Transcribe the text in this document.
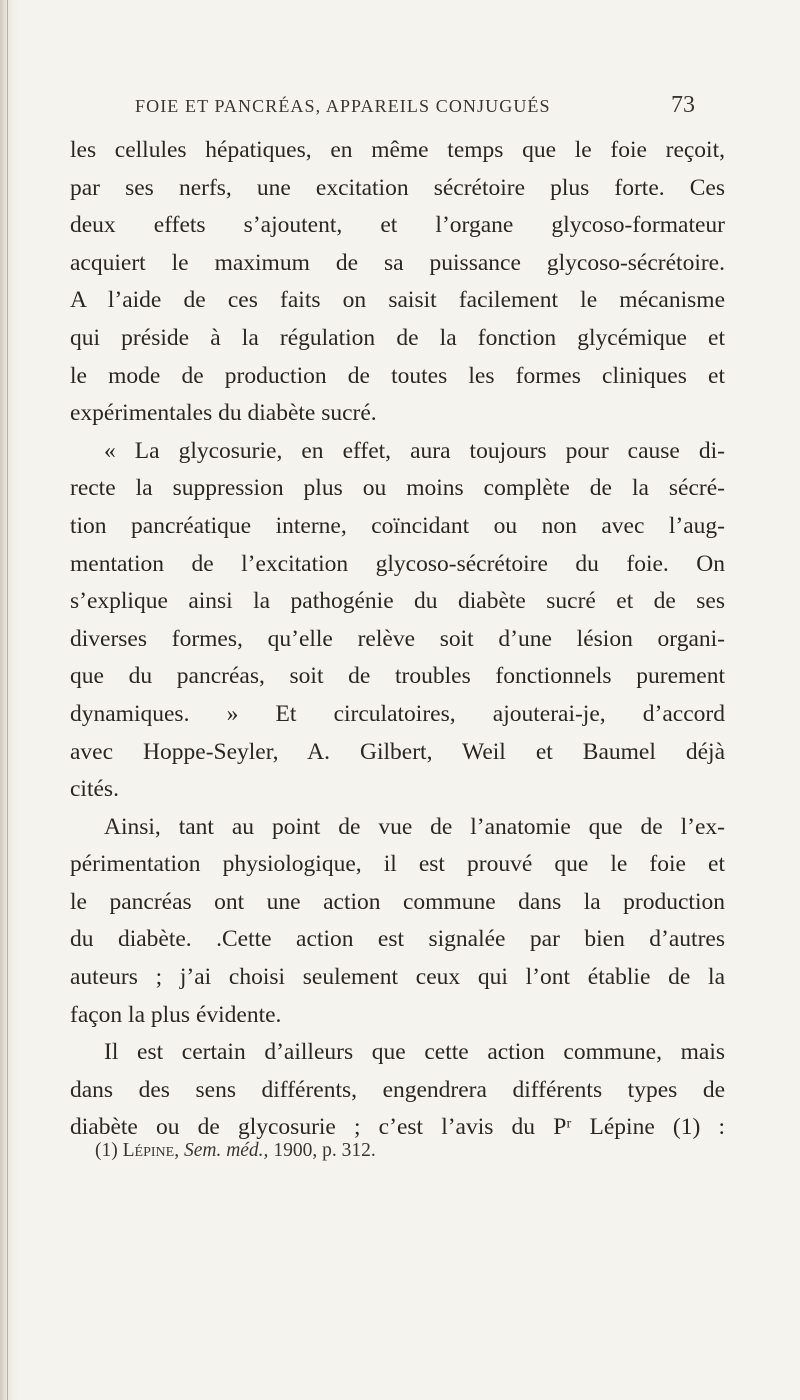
FOIE ET PANCRÉAS, APPAREILS CONJUGUÉS	73
les cellules hépatiques, en même temps que le foie reçoit,
par ses nerfs, une excitation sécrétoire plus forte. Ces
deux effets s’ajoutent, et l’organe glycoso-formateur
acquiert le maximum de sa puissance glycoso-sécrétoire.
A l’aide de ces faits on saisit facilement le mécanisme
qui préside à la régulation de la fonction glycémique et
le mode de production de toutes les formes cliniques et
expérimentales du diabète sucré.
« La glycosurie, en effet, aura toujours pour cause di-
recte la suppression plus ou moins complète de la sécré-
tion pancréatique interne, coïncidant ou non avec l’aug-
mentation de l’excitation glycoso-sécrétoire du foie. On
s’explique ainsi la pathogénie du diabète sucré et de ses
diverses formes, qu’elle relève soit d’une lésion organi-
que du pancréas, soit de troubles fonctionnels purement
dynamiques. » Et circulatoires, ajouterai-je, d’accord
avec Hoppe-Seyler, A. Gilbert, Weil et Baumel déjà
cités.
Ainsi, tant au point de vue de l’anatomie que de l’ex-
périmentation physiologique, il est prouvé que le foie et
le pancréas ont une action commune dans la production
du diabète. .Cette action est signalée par bien d’autres
auteurs ; j’ai choisi seulement ceux qui l’ont établie de la
façon la plus évidente.
Il est certain d’ailleurs que cette action commune, mais
dans des sens différents, engendrera différents types de
diabète ou de glycosurie ; c’est l’avis du Pʳ Lépine (1) :
(1) Lépine, Sem. méd., 1900, p. 312.
